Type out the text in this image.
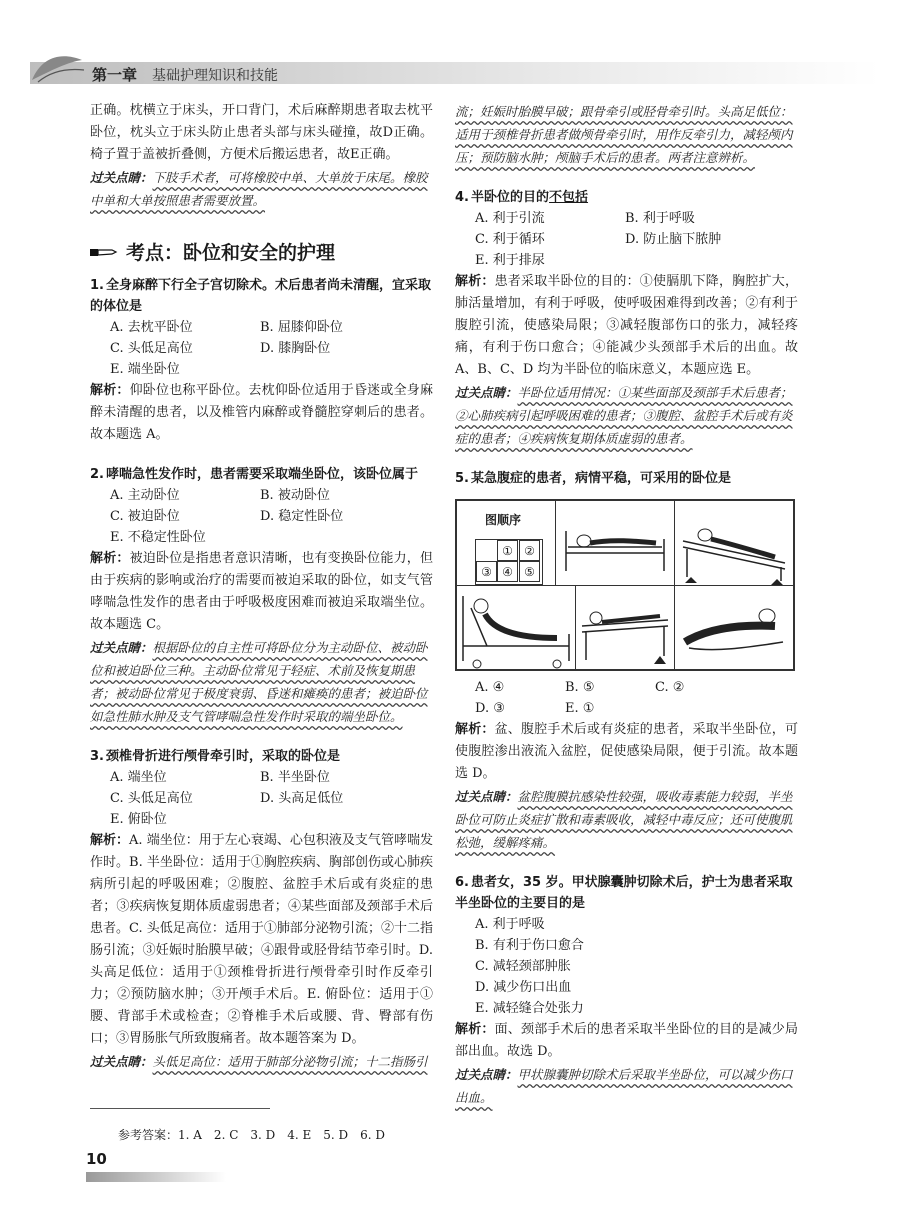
第一章 基础护理知识和技能

正确。枕横立于床头，开口背门，术后麻醉期患者取去枕平卧位，枕头立于床头防止患者头部与床头碰撞，故D正确。椅子置于盖被折叠侧，方便术后搬运患者，故E正确。

过关点睛：下肢手术者，可将橡胶中单、大单放于床尾。橡胶中单和大单按照患者需要放置。

考点：卧位和安全的护理
1. 全身麻醉下行全子宫切除术。术后患者尚未清醒，宜采取的体位是
A. 去枕平卧位	B. 屈膝仰卧位
C. 头低足高位	D. 膝胸卧位
E. 端坐卧位

解析：仰卧位也称平卧位。去枕仰卧位适用于昏迷或全身麻醉未清醒的患者，以及椎管内麻醉或脊髓腔穿刺后的患者。故本题选 A。

2. 哮喘急性发作时，患者需要采取端坐卧位，该卧位属于
A. 主动卧位	B. 被动卧位
C. 被迫卧位	D. 稳定性卧位
E. 不稳定性卧位

解析：被迫卧位是指患者意识清晰，也有变换卧位能力，但由于疾病的影响或治疗的需要而被迫采取的卧位，如支气管哮喘急性发作的患者由于呼吸极度困难而被迫采取端坐位。故本题选 C。

过关点睛：根据卧位的自主性可将卧位分为主动卧位、被动卧位和被迫卧位三种。主动卧位常见于轻症、术前及恢复期患者；被动卧位常见于极度衰弱、昏迷和瘫痪的患者；被迫卧位如急性肺水肿及支气管哮喘急性发作时采取的端坐卧位。

3. 颈椎骨折进行颅骨牵引时，采取的卧位是
A. 端坐位	B. 半坐卧位
C. 头低足高位	D. 头高足低位
E. 俯卧位

解析：A. 端坐位：用于左心衰竭、心包积液及支气管哮喘发作时。B. 半坐卧位：适用于①胸腔疾病、胸部创伤或心肺疾病所引起的呼吸困难；②腹腔、盆腔手术后或有炎症的患者；③疾病恢复期体质虚弱患者；④某些面部及颈部手术后患者。C. 头低足高位：适用于①肺部分泌物引流；②十二指肠引流；③妊娠时胎膜早破；④跟骨或胫骨结节牵引时。D. 头高足低位：适用于①颈椎骨折进行颅骨牵引时作反牵引力；②预防脑水肿；③开颅手术后。E. 俯卧位：适用于①腰、背部手术或检查；②脊椎手术后或腰、背、臀部有伤口；③胃肠胀气所致腹痛者。故本题答案为 D。

过关点睛：头低足高位：适用于肺部分泌物引流；十二指肠引

流；妊娠时胎膜早破；跟骨牵引或胫骨牵引时。头高足低位：适用于颈椎骨折患者做颅骨牵引时，用作反牵引力，减轻颅内压；预防脑水肿；颅脑手术后的患者。两者注意辨析。

4. 半卧位的目的不包括
A. 利于引流	B. 利于呼吸
C. 利于循环	D. 防止脑下脓肿
E. 利于排尿

解析：患者采取半卧位的目的：①使膈肌下降，胸腔扩大，肺活量增加，有利于呼吸，使呼吸困难得到改善；②有利于腹腔引流，使感染局限；③减轻腹部伤口的张力，减轻疼痛，有利于伤口愈合；④能减少头颈部手术后的出血。故 A、B、C、D 均为半卧位的临床意义，本题应选 E。

过关点睛：半卧位适用情况：①某些面部及颈部手术后患者；②心肺疾病引起呼吸困难的患者；③腹腔、盆腔手术后或有炎症的患者；④疾病恢复期体质虚弱的患者。

5. 某急腹症的患者，病情平稳，可采用的卧位是
图顺序
① ②
③ ④ ⑤
A. ④	B. ⑤	C. ②
D. ③	E. ①

解析：盆、腹腔手术后或有炎症的患者，采取半坐卧位，可使腹腔渗出液流入盆腔，促使感染局限，便于引流。故本题选 D。

过关点睛：盆腔腹膜抗感染性较强，吸收毒素能力较弱，半坐卧位可防止炎症扩散和毒素吸收，减轻中毒反应；还可使腹肌松弛，缓解疼痛。

6. 患者女，35 岁。甲状腺囊肿切除术后，护士为患者采取半坐卧位的主要目的是
A. 利于呼吸
B. 有利于伤口愈合
C. 减轻颈部肿胀
D. 减少伤口出血
E. 减轻缝合处张力

解析：面、颈部手术后的患者采取半坐卧位的目的是减少局部出血。故选 D。

过关点睛：甲状腺囊肿切除术后采取半坐卧位，可以减少伤口出血。

参考答案：1. A　2. C　3. D　4. E　5. D　6. D
10
